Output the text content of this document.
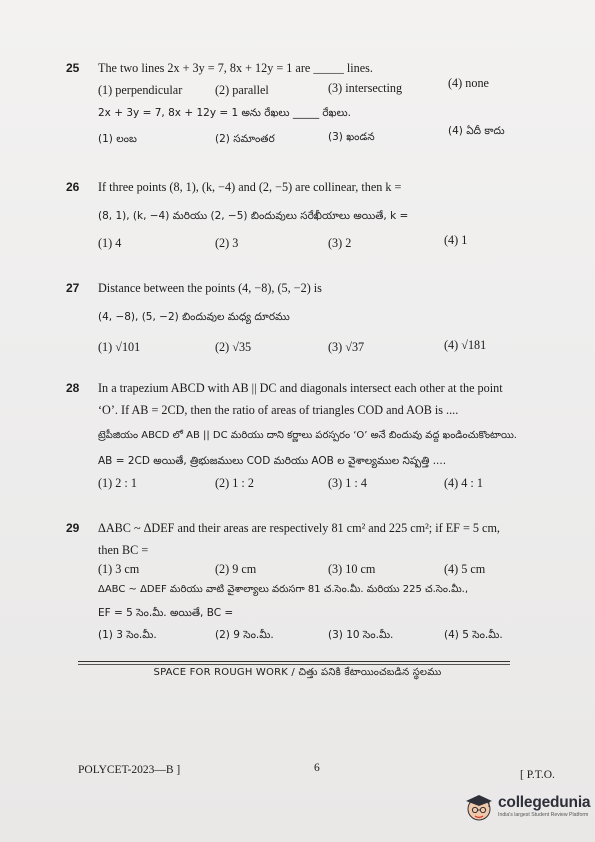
25 The two lines 2x + 3y = 7, 8x + 12y = 1 are _____ lines.
(1) perpendicular	(2) parallel	(3) intersecting	(4) none
2x + 3y = 7, 8x + 12y = 1 అను రేఖలు _____ రేఖలు.
(1) లంబ	(2) సమాంతర	(3) ఖండన	(4) ఏదీ కాదు
26 If three points (8, 1), (k, −4) and (2, −5) are collinear, then k =
(8, 1), (k, −4) మరియు (2, −5) బిందువులు సరేఖీయాలు అయితే, k =
(1) 4	(2) 3	(3) 2	(4) 1
27 Distance between the points (4, −8), (5, −2) is
(4, −8), (5, −2) బిందువుల మధ్య దూరము
(1) √101	(2) √35	(3) √37	(4) √181
28 In a trapezium ABCD with AB || DC and diagonals intersect each other at the point
‘O’. If AB = 2CD, then the ratio of areas of triangles COD and AOB is ....
ట్రెపీజియం ABCD లో AB || DC మరియు దాని కర్ణాలు పరస్పరం ‘O’ అనే బిందువు వద్ద ఖండించుకొంటాయి.
AB = 2CD అయితే, త్రిభుజములు COD మరియు AOB ల వైశాల్యముల నిష్పత్తి ....
(1) 2 : 1	(2) 1 : 2	(3) 1 : 4	(4) 4 : 1
29 ΔABC ~ ΔDEF and their areas are respectively 81 cm² and 225 cm²; if EF = 5 cm,
then BC =
(1) 3 cm	(2) 9 cm	(3) 10 cm	(4) 5 cm
ΔABC ~ ΔDEF మరియు వాటి వైశాల్యాలు వరుసగా 81 చ.సెం.మీ. మరియు 225 చ.సెం.మీ.,
EF = 5 సెం.మీ. అయితే, BC =
(1) 3 సెం.మీ.	(2) 9 సెం.మీ.	(3) 10 సెం.మీ.	(4) 5 సెం.మీ.
SPACE FOR ROUGH WORK / చిత్తు పనికి కేటాయించబడిన స్థలము
POLYCET-2023—B ]	6
[ P.T.O.
collegedunia
India's largest Student Review Platform
